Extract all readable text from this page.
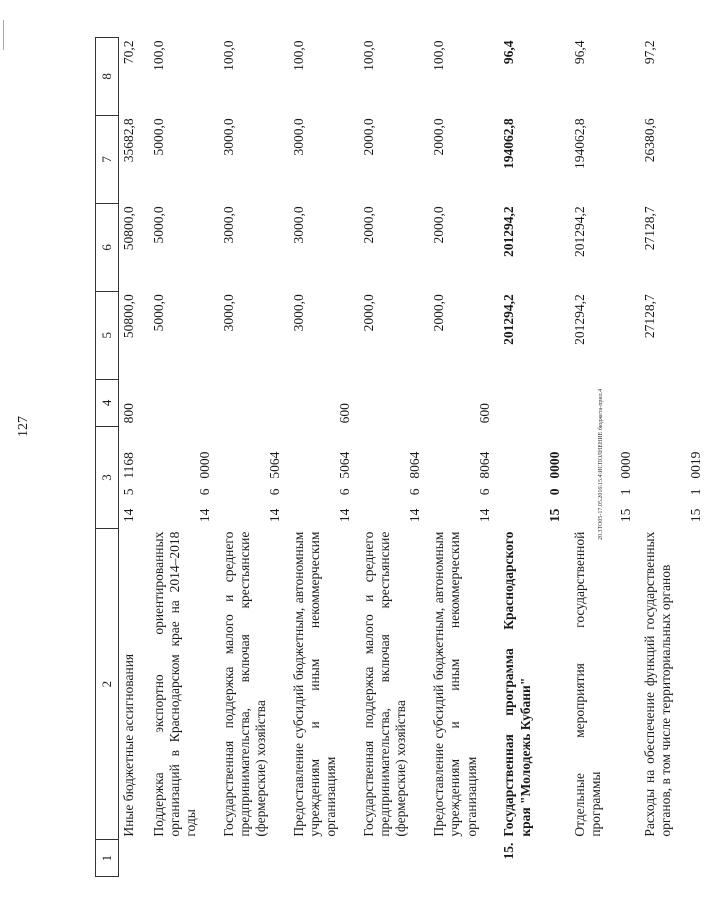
127	20.3TO05-17.05.2016\15.4\ИСПОЛНЕНИЕ бюджета-прил.4
1	2	3			4	5	6	7	8
	Иные бюджетные ассигнования	14	5	1168	800	50800,0	50800,0	35682,8	70,2
	Поддержка экспортно ориентированных организаций в Краснодарском крае на 2014–2018 годы	14	6	0000		5000,0	5000,0	5000,0	100,0
	Государственная поддержка малого и среднего предпринимательства, включая крестьянские (фермерские) хозяйства	14	6	5064		3000,0	3000,0	3000,0	100,0
	Предоставление субсидий бюджетным, автономным учреждениям и иным некоммерческим организациям	14	6	5064	600	3000,0	3000,0	3000,0	100,0
	Государственная поддержка малого и среднего предпринимательства, включая крестьянские (фермерские) хозяйства	14	6	8064		2000,0	2000,0	2000,0	100,0
	Предоставление субсидий бюджетным, автономным учреждениям и иным некоммерческим организациям	14	6	8064	600	2000,0	2000,0	2000,0	100,0
15.	Государственная программа Краснодарского края "Молодежь Кубани"	15	0	0000		201294,2	201294,2	194062,8	96,4
	Отдельные мероприятия государственной программы	15	1	0000		201294,2	201294,2	194062,8	96,4
	Расходы на обеспечение функций государственных органов, в том числе территориальных органов	15	1	0019		27128,7	27128,7	26380,6	97,2
